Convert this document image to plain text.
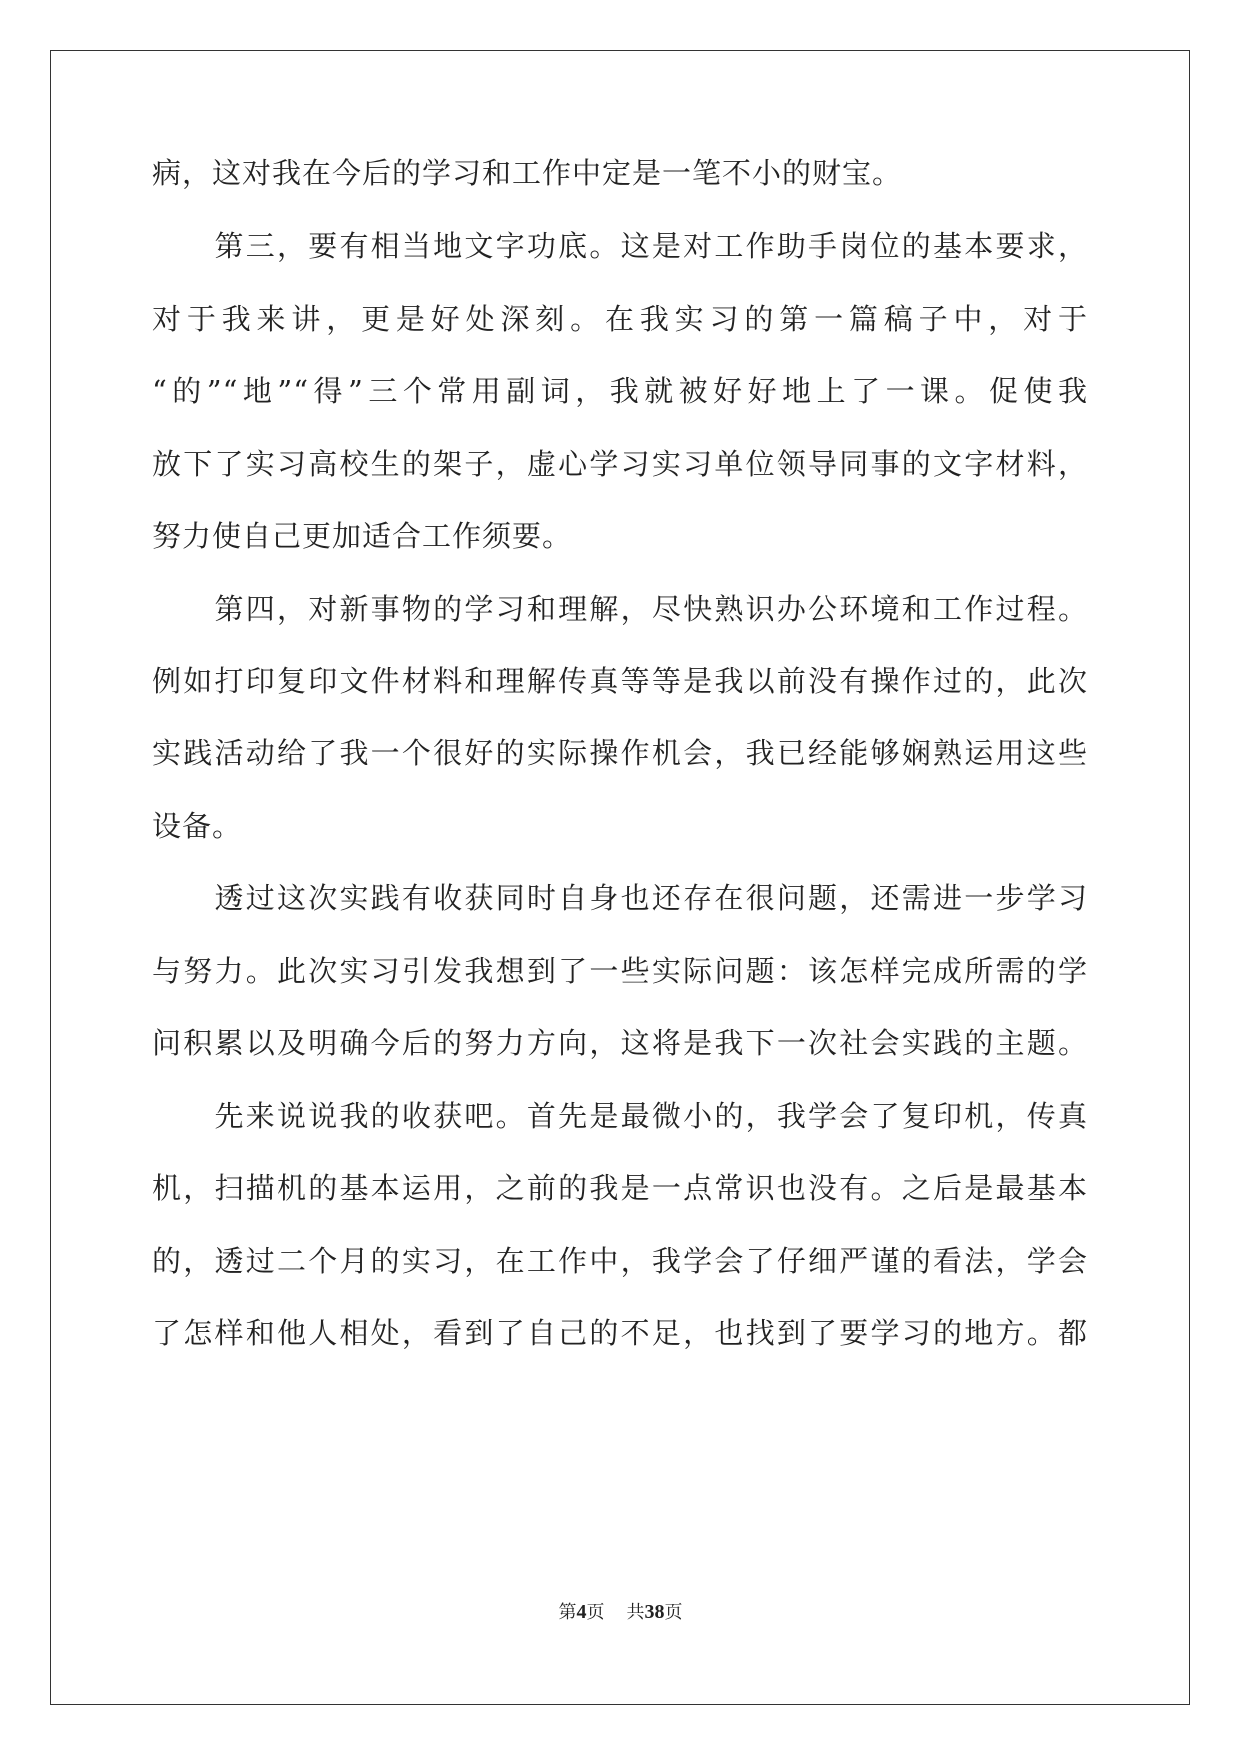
病，这对我在今后的学习和工作中定是一笔不小的财宝。
　　第三，要有相当地文字功底。这是对工作助手岗位的基本要求，
对于我来讲，更是好处深刻。在我实习的第一篇稿子中，对于
“的”“地”“得”三个常用副词，我就被好好地上了一课。促使我
放下了实习高校生的架子，虚心学习实习单位领导同事的文字材料，
努力使自己更加适合工作须要。
　　第四，对新事物的学习和理解，尽快熟识办公环境和工作过程。
例如打印复印文件材料和理解传真等等是我以前没有操作过的，此次
实践活动给了我一个很好的实际操作机会，我已经能够娴熟运用这些
设备。
　　透过这次实践有收获同时自身也还存在很问题，还需进一步学习
与努力。此次实习引发我想到了一些实际问题：该怎样完成所需的学
问积累以及明确今后的努力方向，这将是我下一次社会实践的主题。
　　先来说说我的收获吧。首先是最微小的，我学会了复印机，传真
机，扫描机的基本运用，之前的我是一点常识也没有。之后是最基本
的，透过二个月的实习，在工作中，我学会了仔细严谨的看法，学会
了怎样和他人相处，看到了自己的不足，也找到了要学习的地方。都
第4页 共38页
